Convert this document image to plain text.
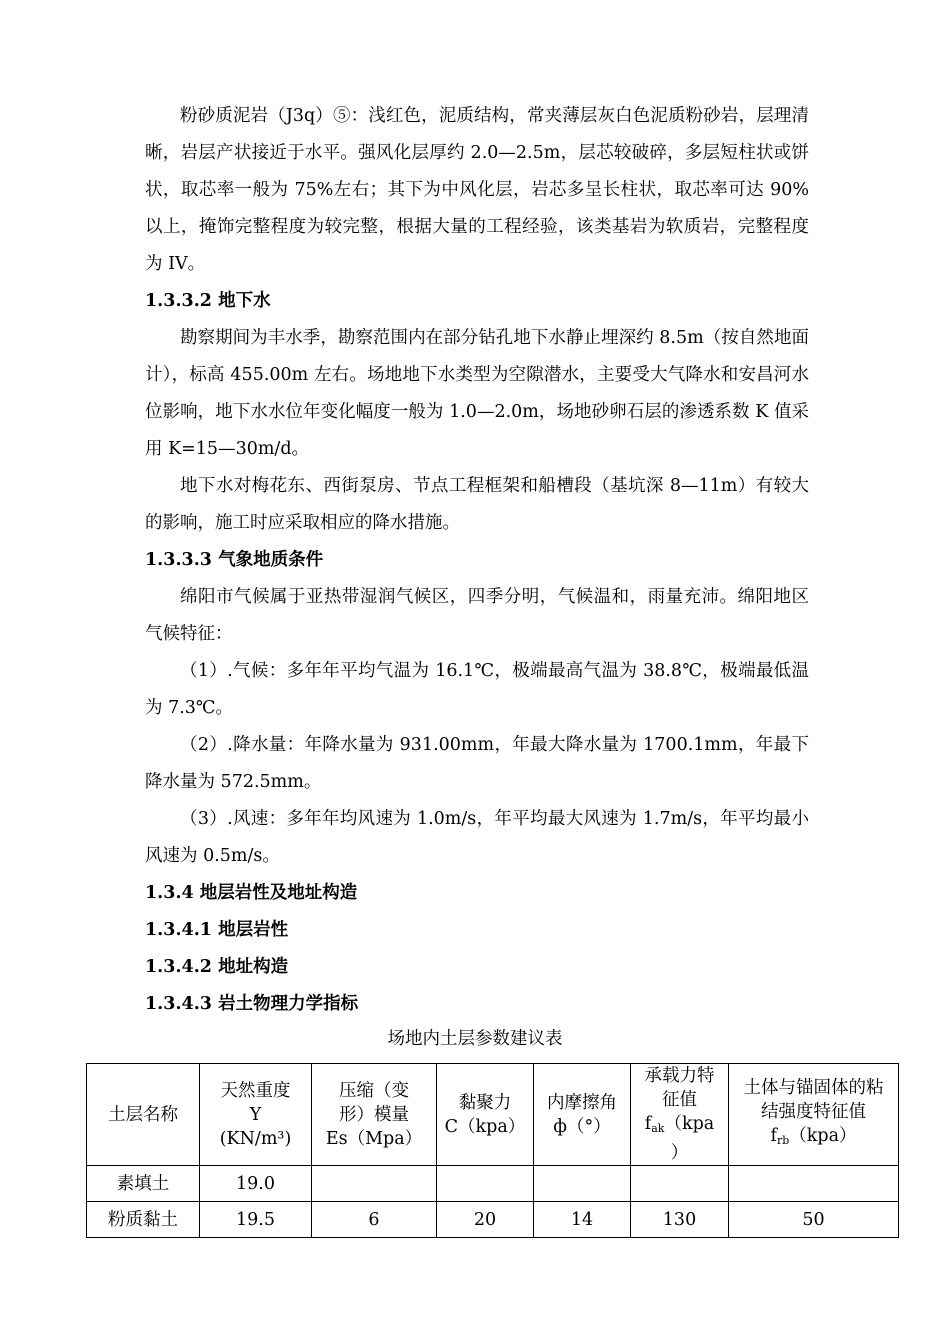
粉砂质泥岩（J3q）⑤：浅红色，泥质结构，常夹薄层灰白色泥质粉砂岩，层理清晰，岩层产状接近于水平。强风化层厚约 2.0—2.5m，层芯较破碎，多层短柱状或饼状，取芯率一般为 75%左右；其下为中风化层，岩芯多呈长柱状，取芯率可达 90%以上，掩饰完整程度为较完整，根据大量的工程经验，该类基岩为软质岩，完整程度为 IV。

1.3.3.2 地下水

勘察期间为丰水季，勘察范围内在部分钻孔地下水静止埋深约 8.5m（按自然地面计），标高 455.00m 左右。场地地下水类型为空隙潜水，主要受大气降水和安昌河水位影响，地下水水位年变化幅度一般为 1.0—2.0m，场地砂卵石层的渗透系数 K 值采用 K=15—30m/d。

地下水对梅花东、西街泵房、节点工程框架和船槽段（基坑深 8—11m）有较大的影响，施工时应采取相应的降水措施。

1.3.3.3 气象地质条件

绵阳市气候属于亚热带湿润气候区，四季分明，气候温和，雨量充沛。绵阳地区气候特征：

（1）.气候：多年年平均气温为 16.1℃，极端最高气温为 38.8℃，极端最低温为 7.3℃。

（2）.降水量：年降水量为 931.00mm，年最大降水量为 1700.1mm，年最下降水量为 572.5mm。

（3）.风速：多年年均风速为 1.0m/s，年平均最大风速为 1.7m/s，年平均最小风速为 0.5m/s。

1.3.4 地层岩性及地址构造

1.3.4.1 地层岩性

1.3.4.2 地址构造

1.3.4.3 岩土物理力学指标

场地内土层参数建议表
土层名称	天然重度
Y
(KN/m³)	压缩（变
形）模量
Es（Mpa）	黏聚力
C（kpa）	内摩擦角
ф（°）	承载力特
征值
$f_{ak}(kpa$
）	土体与锚固体的粘
结强度特征值
$f_{rb}(kpa)$

素填土	19.0					
粉质黏土	19.5	6	20	14	130	50
